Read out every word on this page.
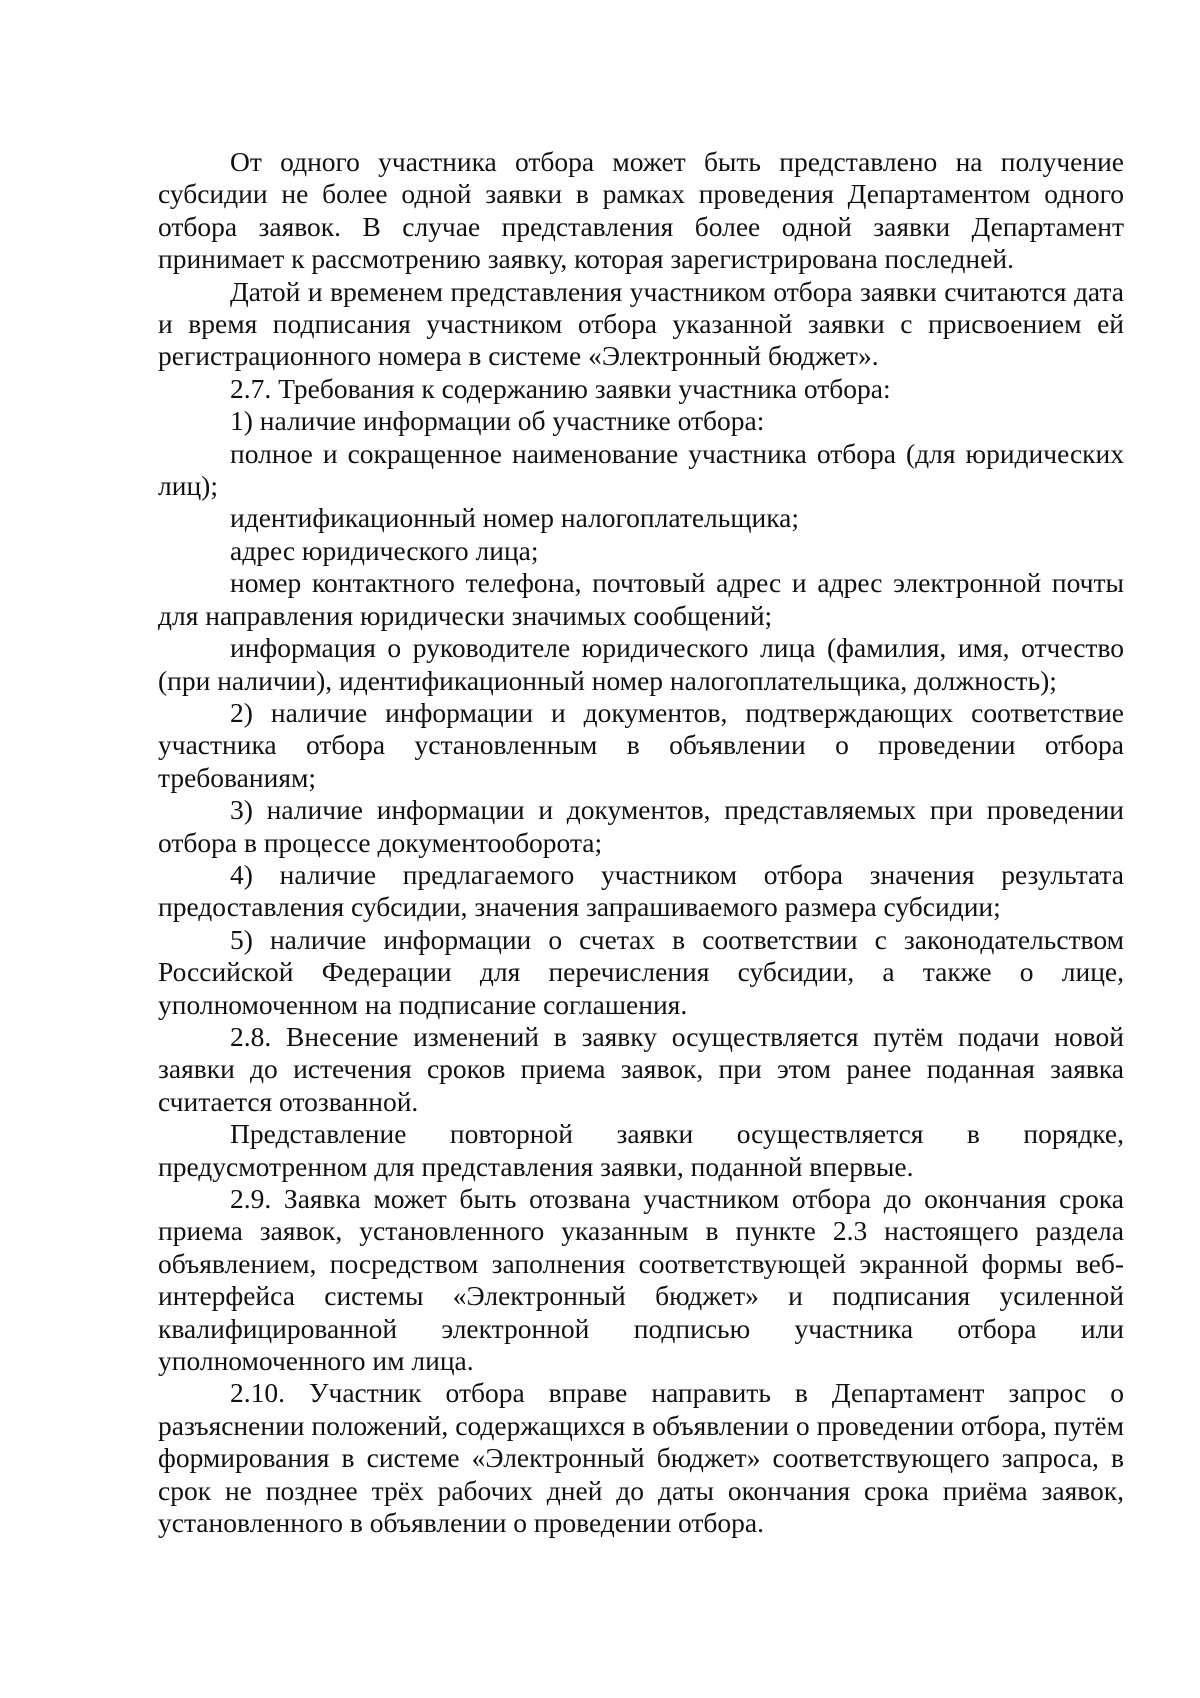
От одного участника отбора может быть представлено на получение субсидии не более одной заявки в рамках проведения Департаментом одного отбора заявок. В случае представления более одной заявки Департамент принимает к рассмотрению заявку, которая зарегистрирована последней.

Датой и временем представления участником отбора заявки считаются дата и время подписания участником отбора указанной заявки с присвоением ей регистрационного номера в системе «Электронный бюджет».

2.7. Требования к содержанию заявки участника отбора:

1) наличие информации об участнике отбора:

полное и сокращенное наименование участника отбора (для юридических лиц);

идентификационный номер налогоплательщика;

адрес юридического лица;

номер контактного телефона, почтовый адрес и адрес электронной почты для направления юридически значимых сообщений;

информация о руководителе юридического лица (фамилия, имя, отчество (при наличии), идентификационный номер налогоплательщика, должность);

2) наличие информации и документов, подтверждающих соответствие участника отбора установленным в объявлении о проведении отбора требованиям;

3) наличие информации и документов, представляемых при проведении отбора в процессе документооборота;

4) наличие предлагаемого участником отбора значения результата предоставления субсидии, значения запрашиваемого размера субсидии;

5) наличие информации о счетах в соответствии с законодательством Российской Федерации для перечисления субсидии, а также о лице, уполномоченном на подписание соглашения.

2.8. Внесение изменений в заявку осуществляется путём подачи новой заявки до истечения сроков приема заявок, при этом ранее поданная заявка считается отозванной.

Представление повторной заявки осуществляется в порядке, предусмотренном для представления заявки, поданной впервые.

2.9. Заявка может быть отозвана участником отбора до окончания срока приема заявок, установленного указанным в пункте 2.3 настоящего раздела объявлением, посредством заполнения соответствующей экранной формы веб-интерфейса системы «Электронный бюджет» и подписания усиленной квалифицированной электронной подписью участника отбора или уполномоченного им лица.

2.10. Участник отбора вправе направить в Департамент запрос о разъяснении положений, содержащихся в объявлении о проведении отбора, путём формирования в системе «Электронный бюджет» соответствующего запроса, в срок не позднее трёх рабочих дней до даты окончания срока приёма заявок, установленного в объявлении о проведении отбора.
